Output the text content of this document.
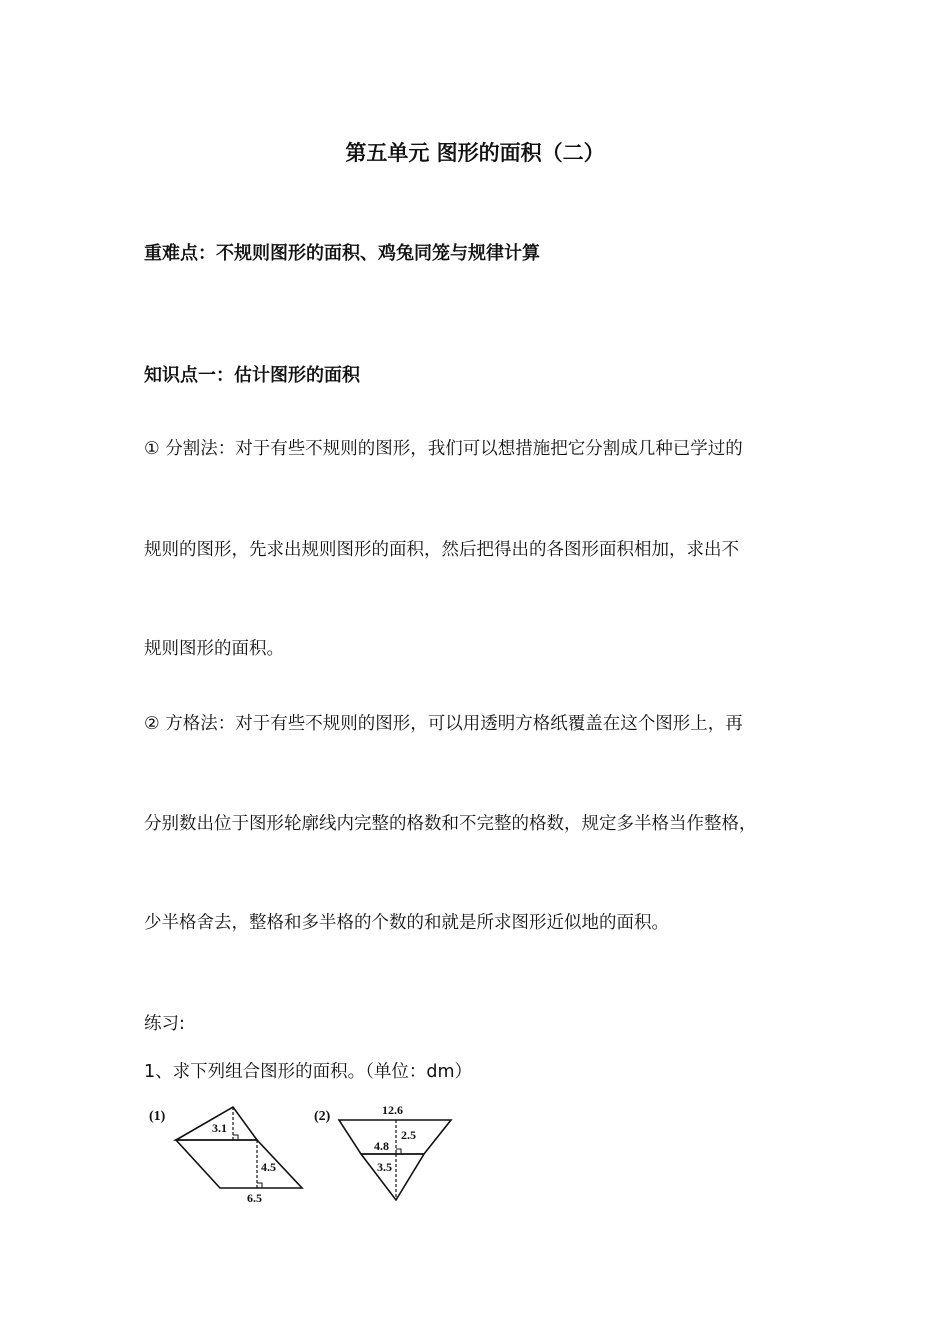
第五单元 图形的面积（二）
重难点：不规则图形的面积、鸡兔同笼与规律计算
知识点一：估计图形的面积
① 分割法：对于有些不规则的图形，我们可以想措施把它分割成几种已学过的
规则的图形，先求出规则图形的面积，然后把得出的各图形面积相加，求出不
规则图形的面积。
② 方格法：对于有些不规则的图形，可以用透明方格纸覆盖在这个图形上，再
分别数出位于图形轮廓线内完整的格数和不完整的格数，规定多半格当作整格，
少半格舍去，整格和多半格的个数的和就是所求图形近似地的面积。
练习:
1、求下列组合图形的面积。（单位：dm）
(1)
3.1
4.5
6.5
(2)	12.6
2.5
4.8
3.5
